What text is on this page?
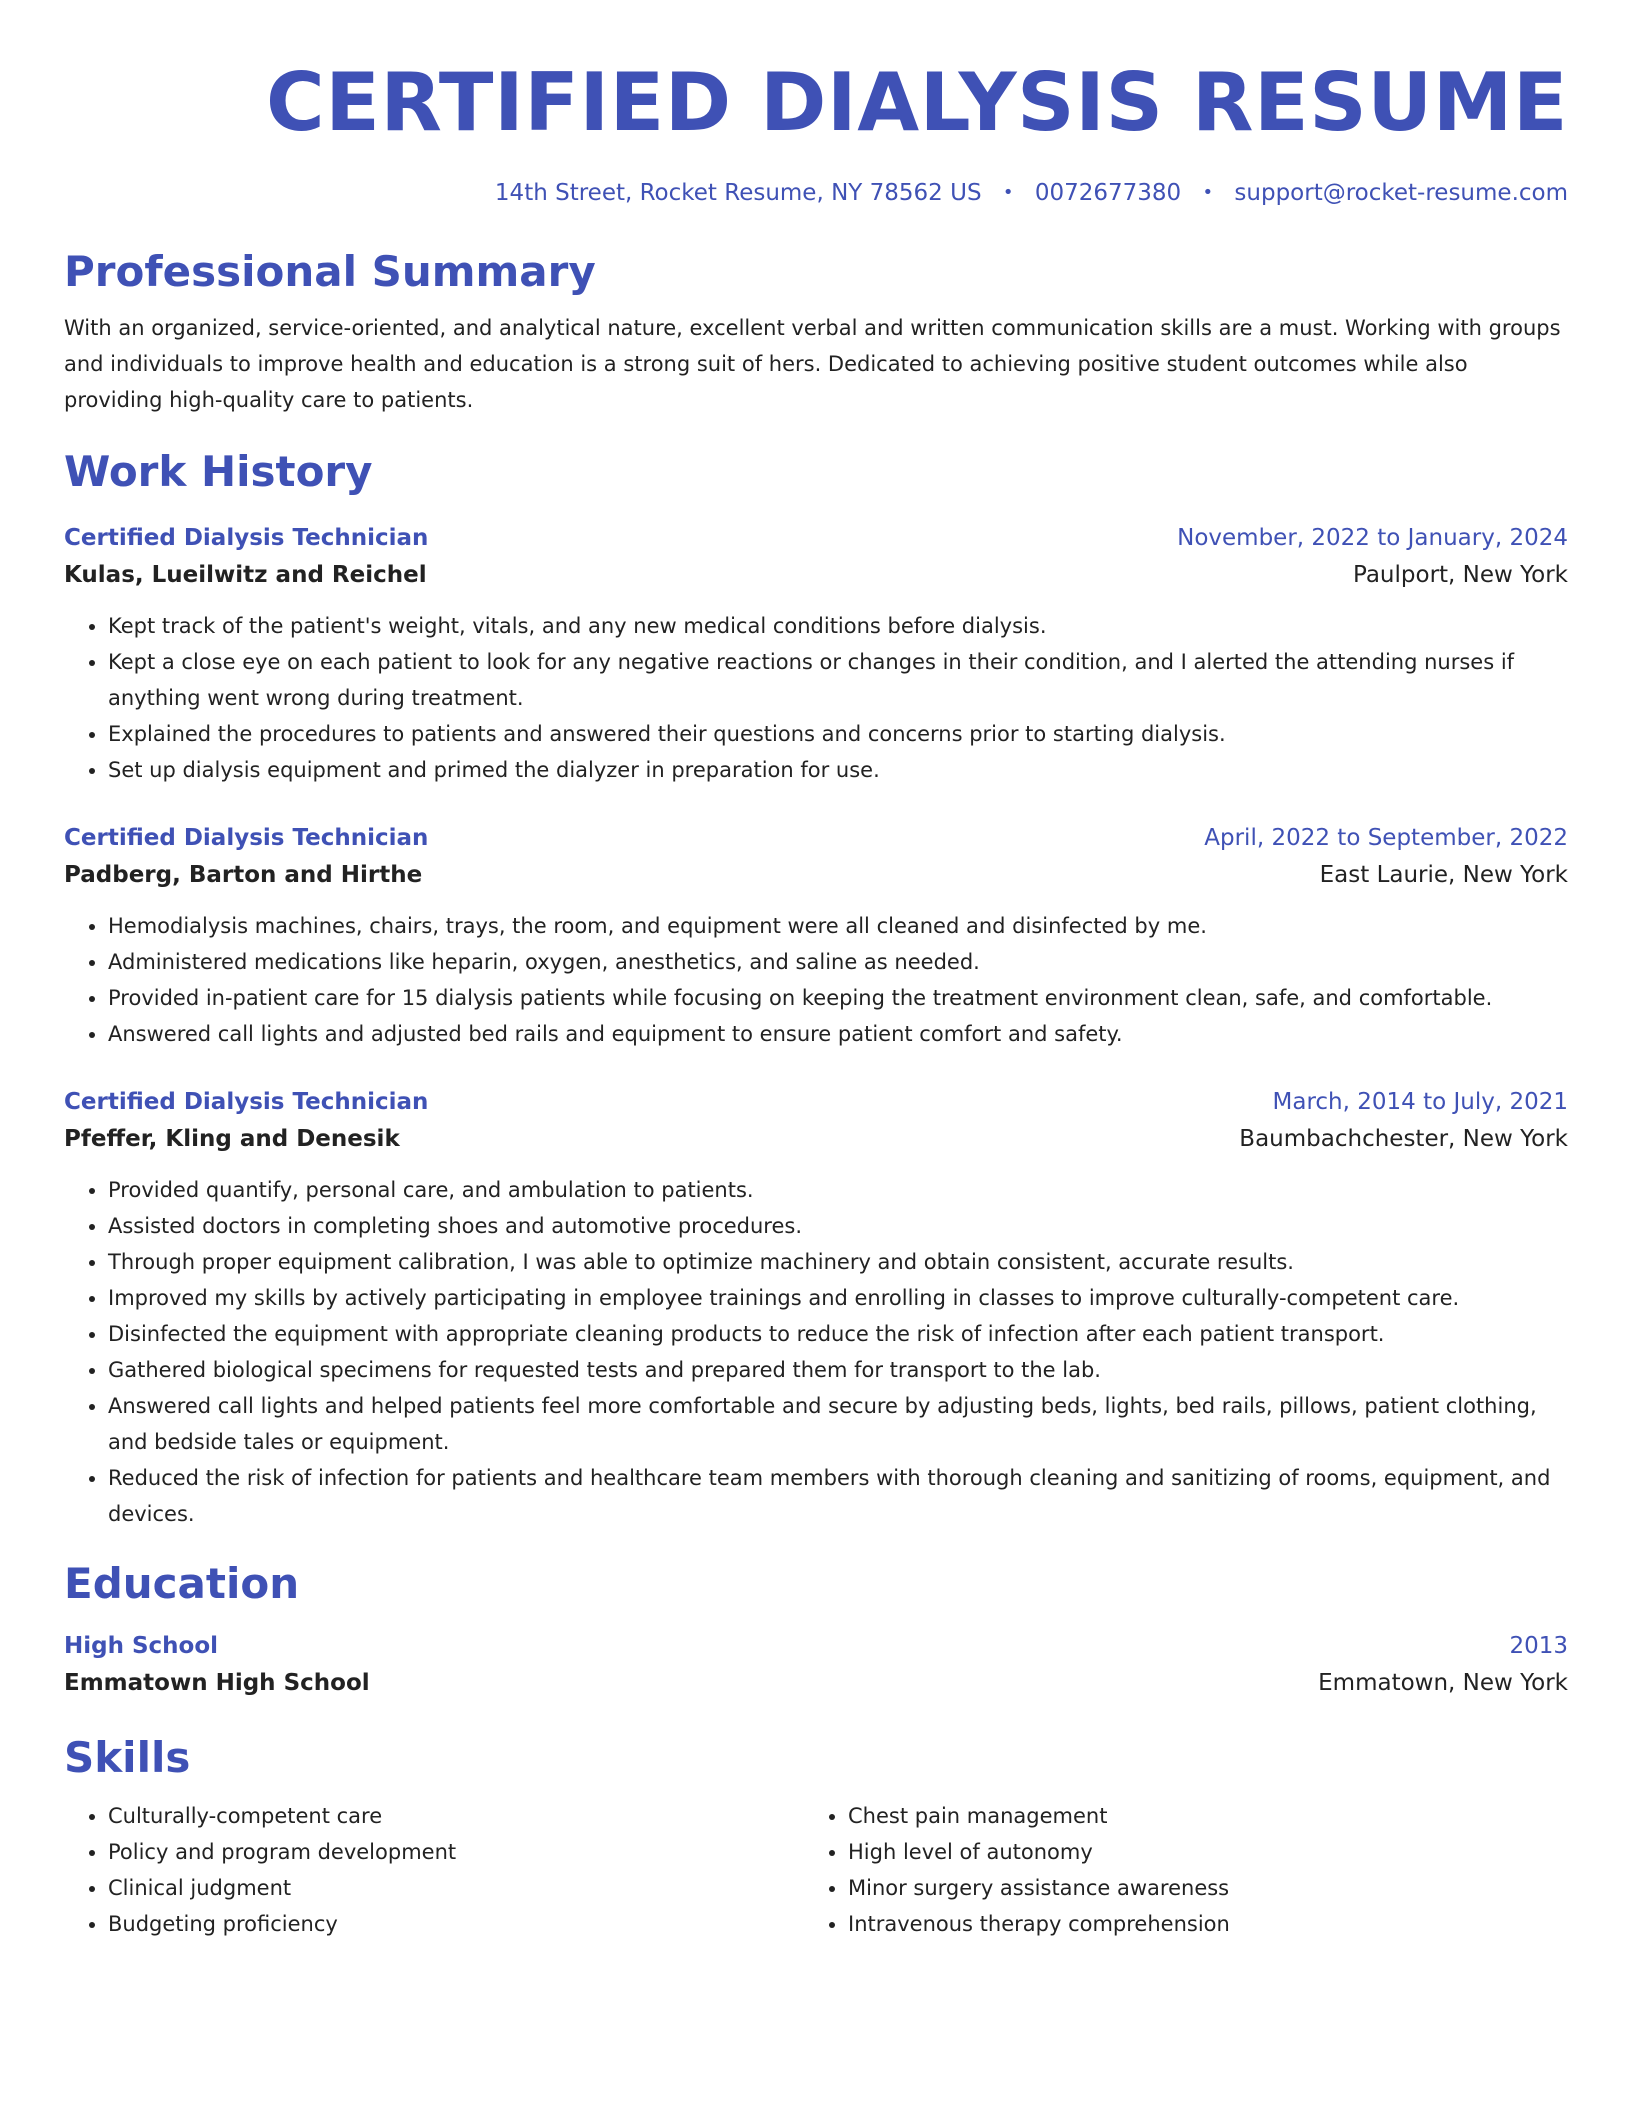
CERTIFIED DIALYSIS RESUME
14th Street, Rocket Resume, NY 78562 US • 0072677380 • support@rocket-resume.com
Professional Summary

With an organized, service-oriented, and analytical nature, excellent verbal and written communication skills are a must. Working with groups and individuals to improve health and education is a strong suit of hers. Dedicated to achieving positive student outcomes while also providing high-quality care to patients.

Work History
Certified Dialysis Technician	November, 2022 to January, 2024
Kulas, Lueilwitz and Reichel	Paulport, New York
• Kept track of the patient's weight, vitals, and any new medical conditions before dialysis.
• Kept a close eye on each patient to look for any negative reactions or changes in their condition, and I alerted the attending nurses if anything went wrong during treatment.
• Explained the procedures to patients and answered their questions and concerns prior to starting dialysis.
• Set up dialysis equipment and primed the dialyzer in preparation for use.
Certified Dialysis Technician	April, 2022 to September, 2022
Padberg, Barton and Hirthe	East Laurie, New York
• Hemodialysis machines, chairs, trays, the room, and equipment were all cleaned and disinfected by me.
• Administered medications like heparin, oxygen, anesthetics, and saline as needed.
• Provided in-patient care for 15 dialysis patients while focusing on keeping the treatment environment clean, safe, and comfortable.
• Answered call lights and adjusted bed rails and equipment to ensure patient comfort and safety.
Certified Dialysis Technician	March, 2014 to July, 2021
Pfeffer, Kling and Denesik	Baumbachchester, New York
• Provided quantify, personal care, and ambulation to patients.
• Assisted doctors in completing shoes and automotive procedures.
• Through proper equipment calibration, I was able to optimize machinery and obtain consistent, accurate results.
• Improved my skills by actively participating in employee trainings and enrolling in classes to improve culturally-competent care.
• Disinfected the equipment with appropriate cleaning products to reduce the risk of infection after each patient transport.
• Gathered biological specimens for requested tests and prepared them for transport to the lab.
• Answered call lights and helped patients feel more comfortable and secure by adjusting beds, lights, bed rails, pillows, patient clothing, and bedside tales or equipment.
• Reduced the risk of infection for patients and healthcare team members with thorough cleaning and sanitizing of rooms, equipment, and devices.
Education
High School	2013
Emmatown High School	Emmatown, New York
Skills
• Culturally-competent care
• Policy and program development
• Clinical judgment
• Budgeting proficiency
• Chest pain management
• High level of autonomy
• Minor surgery assistance awareness
• Intravenous therapy comprehension
